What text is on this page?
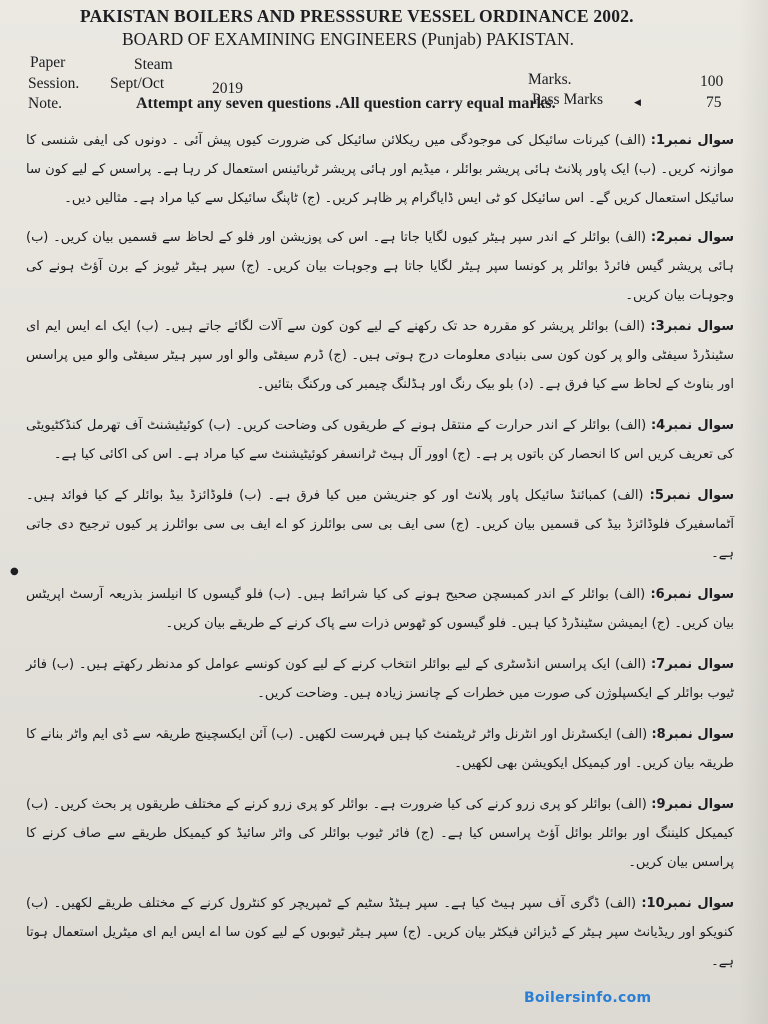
PAKISTAN BOILERS AND PRESSSURE VESSEL ORDINANCE 2002.
BOARD OF EXAMINING ENGINEERS (Punjab) PAKISTAN.
Paper	Steam
Session. Sept/Oct	2019
Marks.	100
Note.	Attempt any seven questions .All question carry equal marks.
Pass Marks	◀	75

سوال نمبر1: (الف) کیرنات سائیکل کی موجودگی میں ریکلائن سائیکل کی ضرورت کیوں پیش آئی ۔ دونوں کی ایفی شنسی کا موازنہ کریں۔ (ب) ایک پاور پلانٹ ہائی پریشر بوائلر ، میڈیم اور ہائی پریشر ٹربائینس استعمال کر رہا ہے۔ پراسس کے لیے کون سا سائیکل استعمال کریں گے۔ اس سائیکل کو ٹی ایس ڈایاگرام پر ظاہر کریں۔ (ج) ٹاپنگ سائیکل سے کیا مراد ہے۔ مثالیں دیں۔

سوال نمبر2: (الف) بوائلر کے اندر سپر ہیٹر کیوں لگایا جاتا ہے۔ اس کی پوزیشن اور فلو کے لحاظ سے قسمیں بیان کریں۔ (ب) ہائی پریشر گیس فائرڈ بوائلر پر کونسا سپر ہیٹر لگایا جاتا ہے وجوہات بیان کریں۔ (ج) سپر ہیٹر ٹیوبز کے برن آؤٹ ہونے کی وجوہات بیان کریں۔

سوال نمبر3: (الف) بوائلر پریشر کو مقررہ حد تک رکھنے کے لیے کون کون سے آلات لگائے جاتے ہیں۔ (ب) ایک اے ایس ایم ای سٹینڈرڈ سیفٹی والو پر کون کون سی بنیادی معلومات درج ہوتی ہیں۔ (ج) ڈرم سیفٹی والو اور سپر ہیٹر سیفٹی والو میں پراسس اور بناوٹ کے لحاظ سے کیا فرق ہے۔ (د) بلو بیک رنگ اور ہڈلنگ چیمبر کی ورکنگ بتائیں۔

سوال نمبر4: (الف) بوائلر کے اندر حرارت کے منتقل ہونے کے طریقوں کی وضاحت کریں۔ (ب) کوئیٹیشنٹ آف تھرمل کنڈکٹیویٹی کی تعریف کریں اس کا انحصار کن باتوں پر ہے۔ (ج) اوور آل ہیٹ ٹرانسفر کوئیٹیشنٹ سے کیا مراد ہے۔ اس کی اکائی کیا ہے۔

سوال نمبر5: (الف) کمبائنڈ سائیکل پاور پلانٹ اور کو جنریشن میں کیا فرق ہے۔ (ب) فلوڈائزڈ بیڈ بوائلر کے کیا فوائد ہیں۔ آٹماسفیرک فلوڈائزڈ بیڈ کی قسمیں بیان کریں۔ (ج) سی ایف بی سی بوائلرز کو اے ایف بی سی بوائلرز پر کیوں ترجیح دی جاتی ہے۔

سوال نمبر6: (الف) بوائلر کے اندر کمبسچن صحیح ہونے کی کیا شرائط ہیں۔ (ب) فلو گیسوں کا انیلسز بذریعہ آرسٹ اپریٹس بیان کریں۔ (ج) ایمیشن سٹینڈرڈ کیا ہیں۔ فلو گیسوں کو ٹھوس ذرات سے پاک کرنے کے طریقے بیان کریں۔

سوال نمبر7: (الف) ایک پراسس انڈسٹری کے لیے بوائلر انتخاب کرنے کے لیے کون کونسے عوامل کو مدنظر رکھتے ہیں۔ (ب) فائر ٹیوب بوائلر کے ایکسپلوژن کی صورت میں خطرات کے چانسز زیادہ ہیں۔ وضاحت کریں۔

سوال نمبر8: (الف) ایکسٹرنل اور انٹرنل واٹر ٹریٹمنٹ کیا ہیں فہرست لکھیں۔ (ب) آئن ایکسچینج طریقہ سے ڈی ایم واٹر بنانے کا طریقہ بیان کریں۔ اور کیمیکل ایکویشن بھی لکھیں۔

سوال نمبر9: (الف) بوائلر کو پری زرو کرنے کی کیا ضرورت ہے۔ بوائلر کو پری زرو کرنے کے مختلف طریقوں پر بحث کریں۔ (ب) کیمیکل کلیننگ اور بوائلر بوائل آؤٹ پراسس کیا ہے۔ (ج) فائر ٹیوب بوائلر کی واٹر سائیڈ کو کیمیکل طریقے سے صاف کرنے کا پراسس بیان کریں۔

سوال نمبر10: (الف) ڈگری آف سپر ہیٹ کیا ہے۔ سپر ہیٹڈ سٹیم کے ٹمپریچر کو کنٹرول کرنے کے مختلف طریقے لکھیں۔ (ب) کنویکو اور ریڈیانٹ سپر ہیٹر کے ڈیزائن فیکٹر بیان کریں۔ (ج) سپر ہیٹر ٹیوبوں کے لیے کون سا اے ایس ایم ای میٹریل استعمال ہوتا ہے۔

●
Boilersinfo.com
